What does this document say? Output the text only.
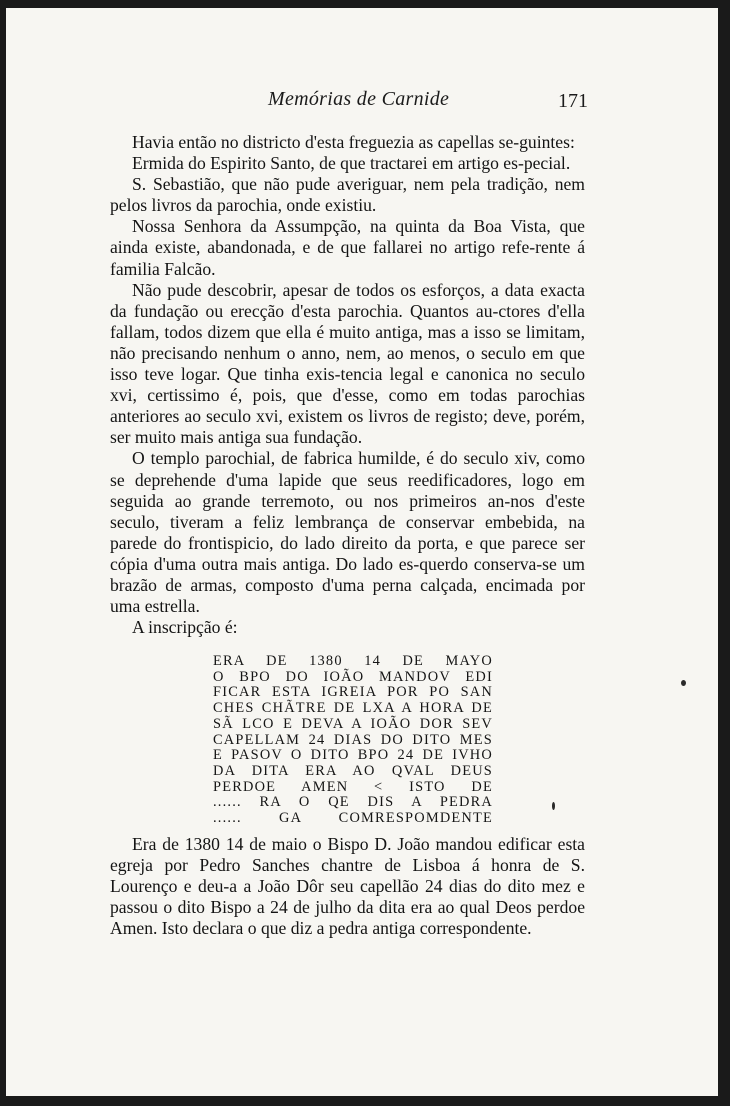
Memórias de Carnide	171

Havia então no districto d'esta freguezia as capellas se-guintes:

Ermida do Espirito Santo, de que tractarei em artigo es-pecial.

S. Sebastião, que não pude averiguar, nem pela tradição, nem pelos livros da parochia, onde existiu.

Nossa Senhora da Assumpção, na quinta da Boa Vista, que ainda existe, abandonada, e de que fallarei no artigo refe-rente á familia Falcão.

Não pude descobrir, apesar de todos os esforços, a data exacta da fundação ou erecção d'esta parochia. Quantos au-ctores d'ella fallam, todos dizem que ella é muito antiga, mas a isso se limitam, não precisando nenhum o anno, nem, ao menos, o seculo em que isso teve logar. Que tinha exis-tencia legal e canonica no seculo xvi, certissimo é, pois, que d'esse, como em todas parochias anteriores ao seculo xvi, existem os livros de registo; deve, porém, ser muito mais antiga sua fundação.

O templo parochial, de fabrica humilde, é do seculo xiv, como se deprehende d'uma lapide que seus reedificadores, logo em seguida ao grande terremoto, ou nos primeiros an-nos d'este seculo, tiveram a feliz lembrança de conservar embebida, na parede do frontispicio, do lado direito da porta, e que parece ser cópia d'uma outra mais antiga. Do lado es-querdo conserva-se um brazão de armas, composto d'uma perna calçada, encimada por uma estrella.

A inscripção é:

ERA DE 1380 14 DE MAYO
O BPO DO IOÃO MANDOV EDI
FICAR ESTA IGREIA POR PO SAN
CHES CHÃTRE DE LXA A HORA DE
SÃ LCO E DEVA A IOÃO DOR SEV
CAPELLAM 24 DIAS DO DITO MES
E PASOV O DITO BPO 24 DE IVHO
DA DITA ERA AO QVAL DEUS
PERDOE AMEN < ISTO DE
...... RA O QE DIS A PEDRA
...... GA COMRESPOMDENTE

Era de 1380 14 de maio o Bispo D. João mandou edificar esta egreja por Pedro Sanches chantre de Lisboa á honra de S. Lourenço e deu-a a João Dôr seu capellão 24 dias do dito mez e passou o dito Bispo a 24 de julho da dita era ao qual Deos perdoe Amen. Isto declara o que diz a pedra antiga correspondente.
